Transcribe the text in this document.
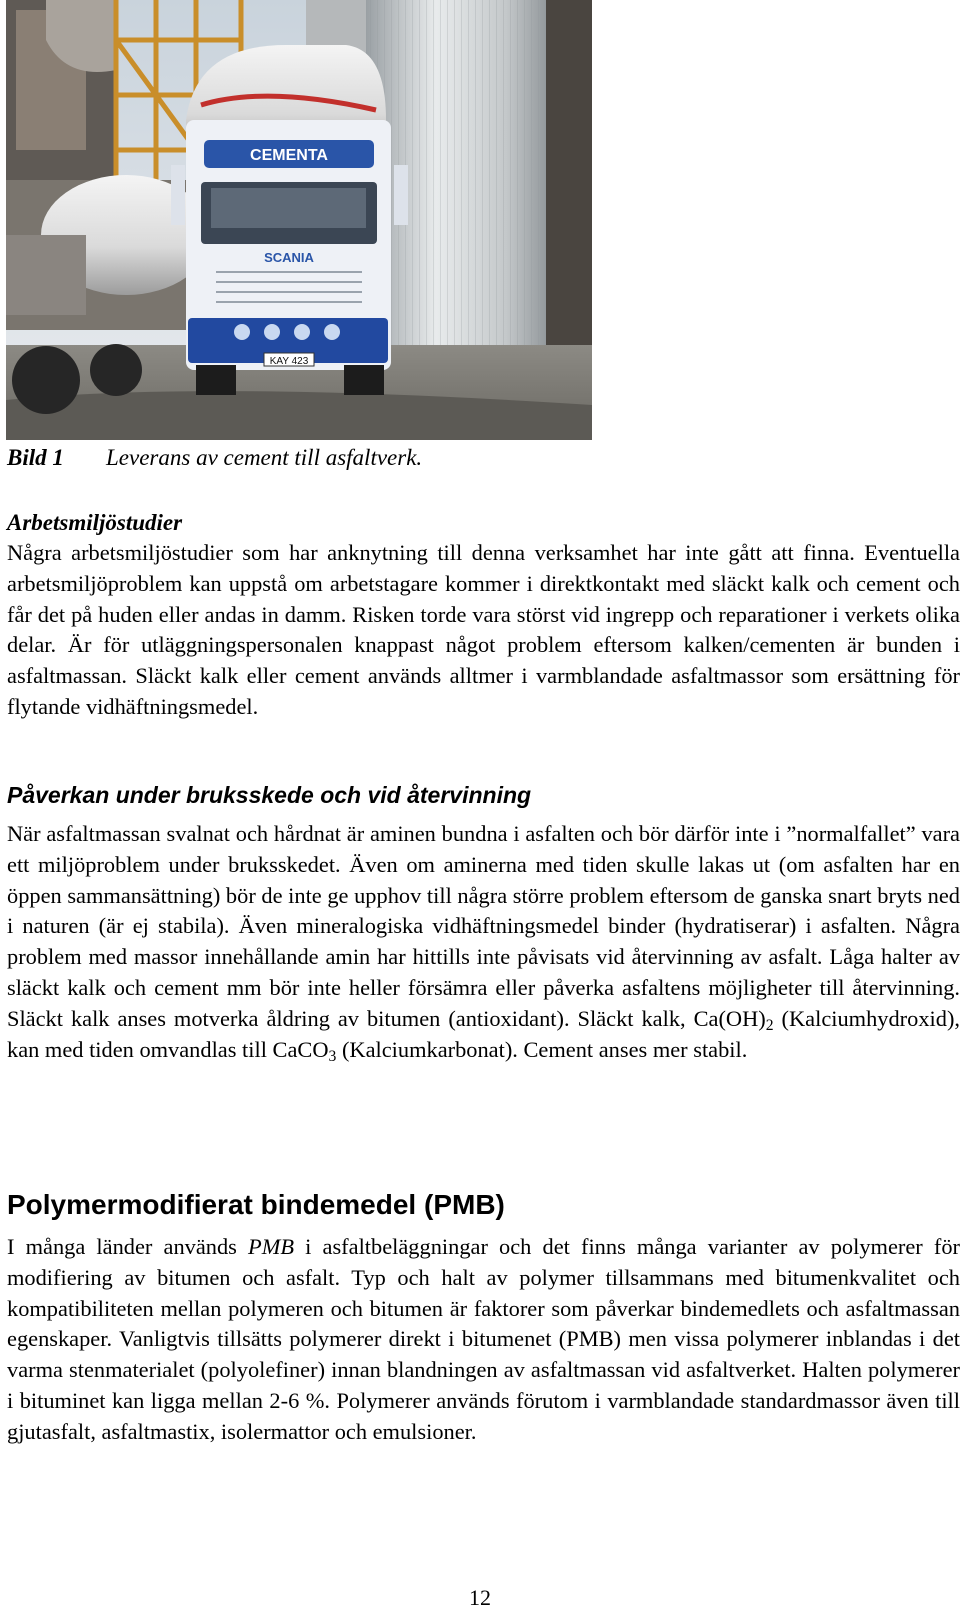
CEMENTA
SCANIA
KAY 423
Bild 1 Leverans av cement till asfaltverk.
Arbetsmiljöstudier
Några arbetsmiljöstudier som har anknytning till denna verksamhet har inte gått att finna. Eventuella arbetsmiljöproblem kan uppstå om arbetstagare kommer i direktkontakt med släckt kalk och cement och får det på huden eller andas in damm. Risken torde vara störst vid ingrepp och reparationer i verkets olika delar. Är för utläggningspersonalen knappast något problem eftersom kalken/cementen är bunden i asfaltmassan. Släckt kalk eller cement används alltmer i varmblandade asfaltmassor som ersättning för flytande vidhäftningsmedel.
Påverkan under bruksskede och vid återvinning
När asfaltmassan svalnat och hårdnat är aminen bundna i asfalten och bör därför inte i ”normalfallet” vara ett miljöproblem under bruksskedet. Även om aminerna med tiden skulle lakas ut (om asfalten har en öppen sammansättning) bör de inte ge upphov till några större problem eftersom de ganska snart bryts ned i naturen (är ej stabila). Även mineralogiska vidhäftningsmedel binder (hydratiserar) i asfalten. Några problem med massor innehållande amin har hittills inte påvisats vid återvinning av asfalt. Låga halter av släckt kalk och cement mm bör inte heller försämra eller påverka asfaltens möjligheter till återvinning. Släckt kalk anses motverka åldring av bitumen (antioxidant). Släckt kalk, $Ca(OH)_2$ (Kalciumhydroxid), kan med tiden omvandlas till CaCO$_3$ (Kalciumkarbonat). Cement anses mer stabil.
Polymermodifierat bindemedel (PMB)
I många länder används PMB i asfaltbeläggningar och det finns många varianter av polymerer för modifiering av bitumen och asfalt. Typ och halt av polymer tillsammans med bitumenkvalitet och kompatibiliteten mellan polymeren och bitumen är faktorer som påverkar bindemedlets och asfaltmassan egenskaper. Vanligtvis tillsätts polymerer direkt i bitumenet (PMB) men vissa polymerer inblandas i det varma stenmaterialet (polyolefiner) innan blandningen av asfaltmassan vid asfaltverket. Halten polymerer i bituminet kan ligga mellan 2-6 %. Polymerer används förutom i varmblandade standardmassor även till gjutasfalt, asfaltmastix, isolermattor och emulsioner.
12
